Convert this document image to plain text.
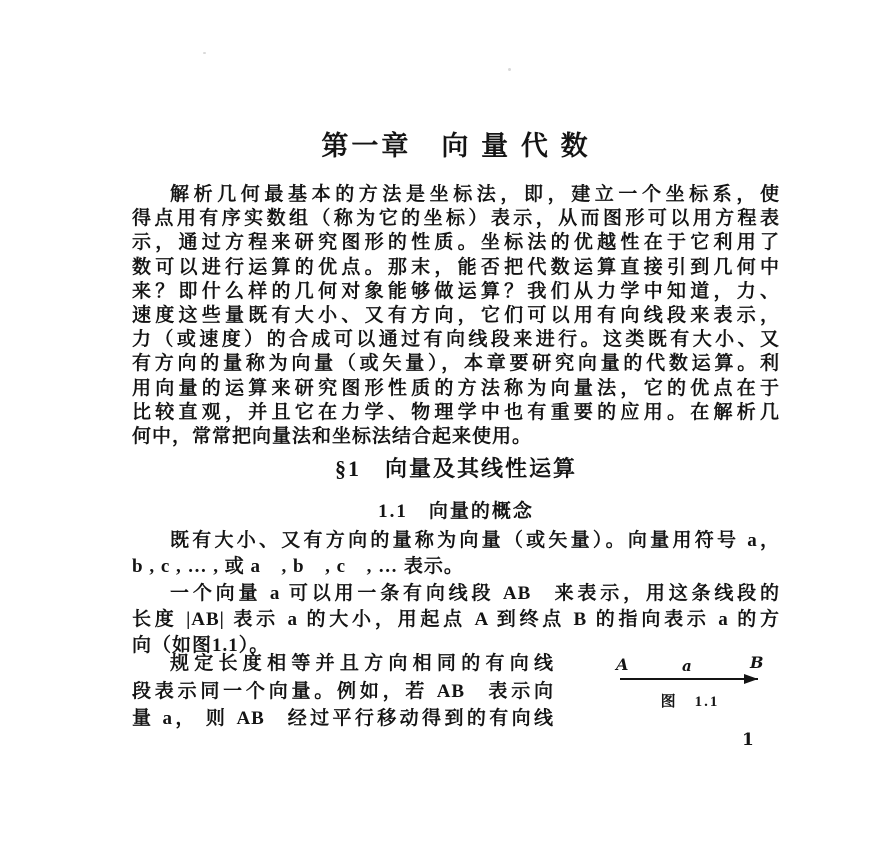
第一章　向 量 代 数
解析几何最基本的方法是坐标法，即，建立一个坐标系，使
得点用有序实数组（称为它的坐标）表示，从而图形可以用方程表
示，通过方程来研究图形的性质。坐标法的优越性在于它利用了
数可以进行运算的优点。那末，能否把代数运算直接引到几何中
来？即什么样的几何对象能够做运算？我们从力学中知道，力、
速度这些量既有大小、又有方向，它们可以用有向线段来表示，
力（或速度）的合成可以通过有向线段来进行。这类既有大小、又
有方向的量称为向量（或矢量），本章要研究向量的代数运算。利
用向量的运算来研究图形性质的方法称为向量法，它的优点在于
比较直观，并且它在力学、物理学中也有重要的应用。在解析几
何中，常常把向量法和坐标法结合起来使用。
§1　向量及其线性运算
1.1　向量的概念
既有大小、又有方向的量称为向量（或矢量）。向量用符号 a，
b , c , … , 或 a⃗ , b⃗ , c⃗ , … 表示。
一个向量 a 可以用一条有向线段 AB⃗ 来表示，用这条线段的
长度 |AB| 表示 a 的大小，用起点 A 到终点 B 的指向表示 a 的方
向（如图1.1）。
规定长度相等并且方向相同的有向线
段表示同一个向量。例如，若 AB⃗ 表示向
量 a， 则 AB⃗ 经过平行移动得到的有向线
A	a	B
图　1.1
1
